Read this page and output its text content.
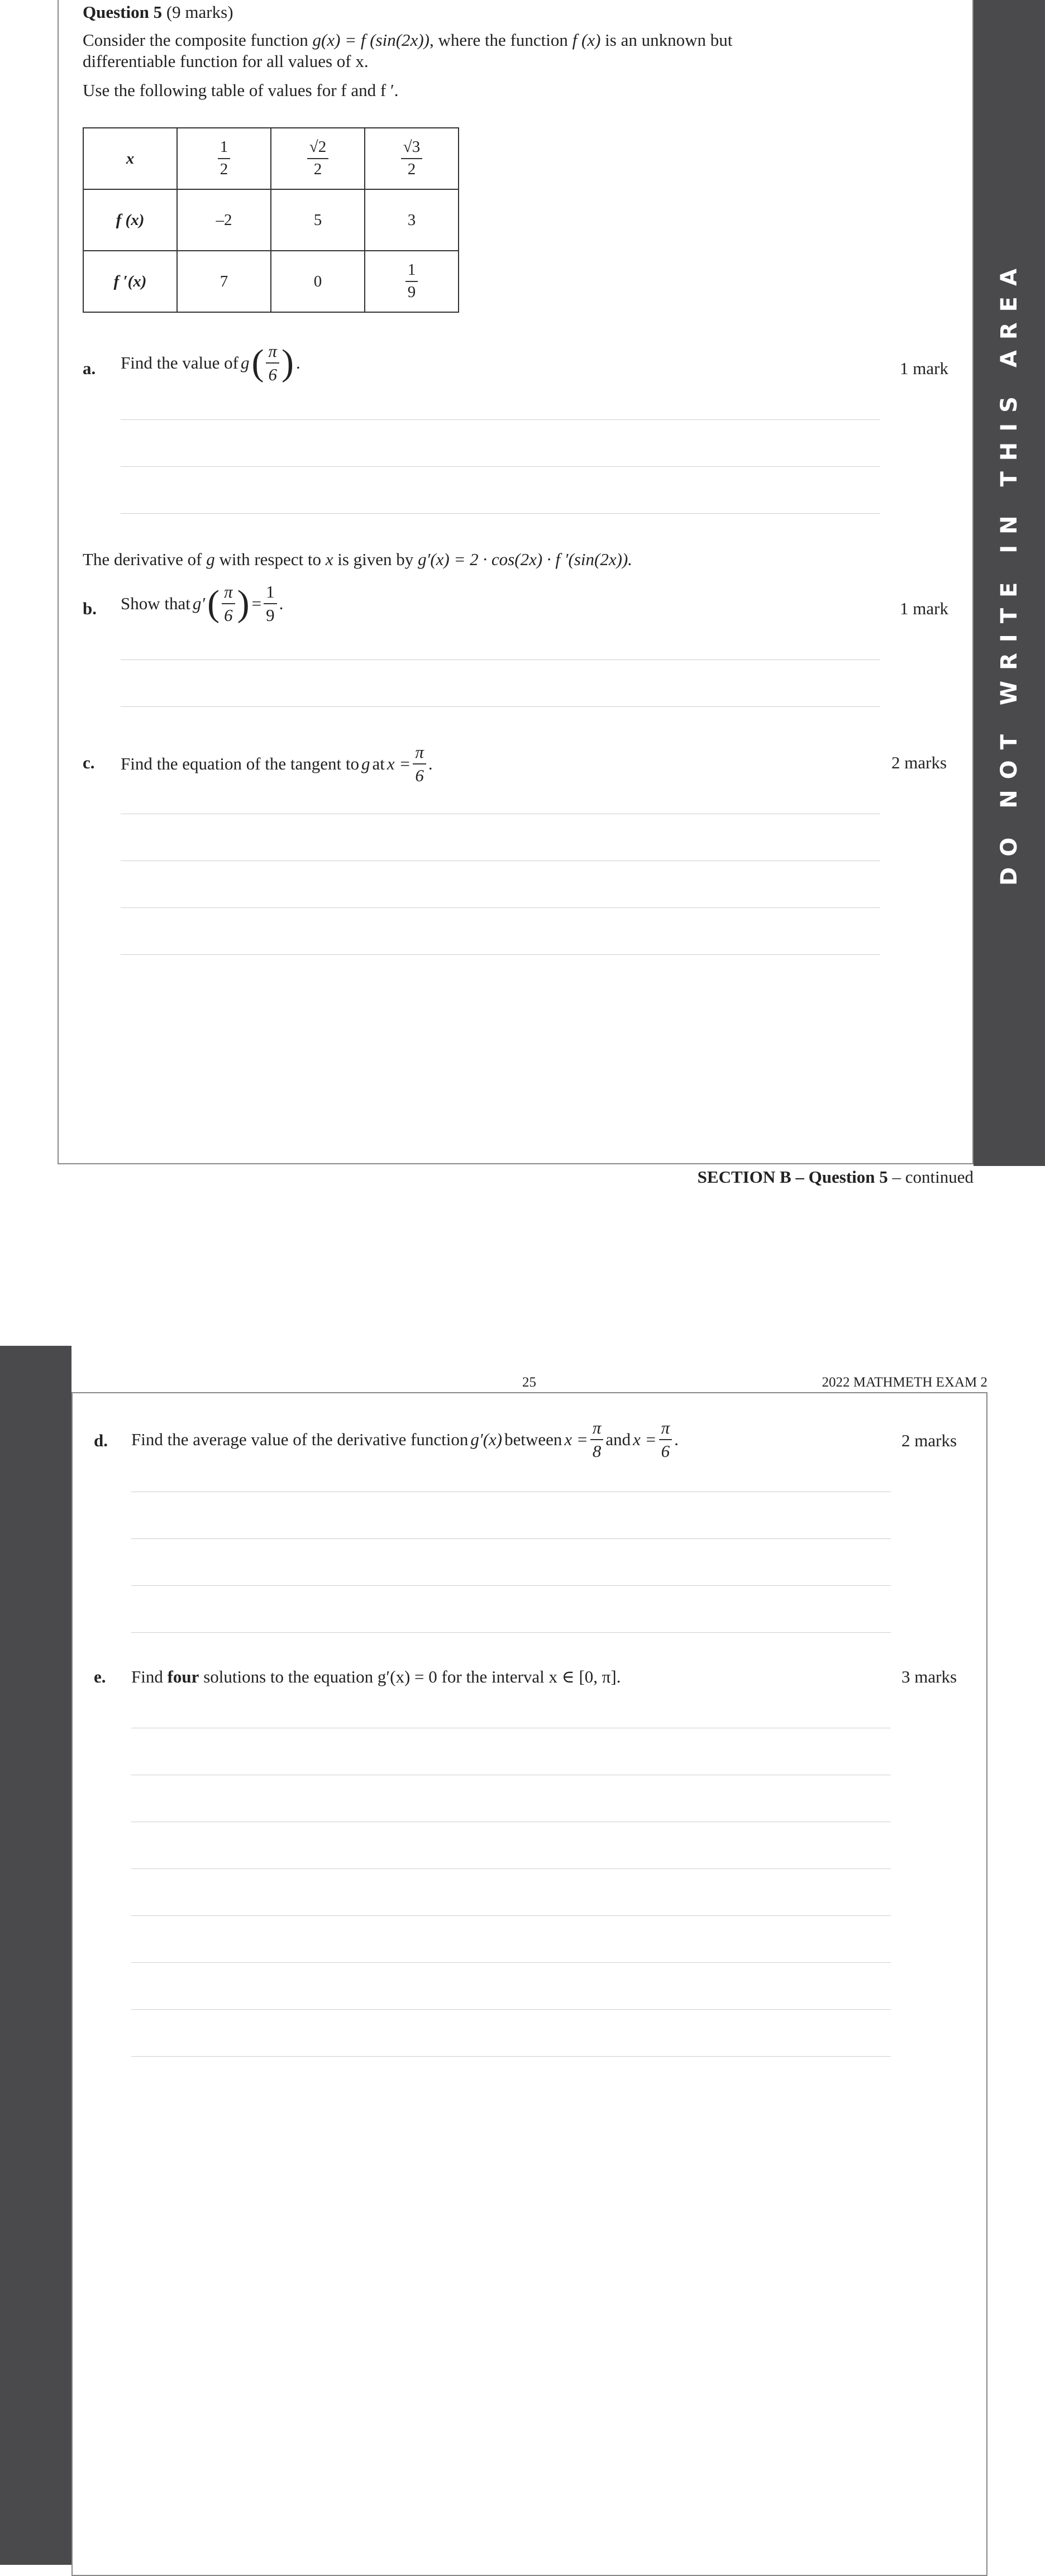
Question 5 (9 marks)
Consider the composite function g(x) = f (sin(2x)), where the function f (x) is an unknown but
differentiable function for all values of x.
Use the following table of values for f and f ′.
x	$\frac{1}{2}$	$\frac{√2}{2}$	$\frac{√3}{2}$

f (x)	–2	5	3
f ′(x)	7	0	$\frac{1}{9}$
a. Find the value of g ( $\frac{\pi}{6}$ ) .	1 mark
The derivative of g with respect to x is given by g′(x) = 2 · cos(2x) · f ′(sin(2x)).
b. Show that g′ ( $\frac{\pi}{6}$ ) = $\frac{1}{9}$ .	1 mark
c. Find the equation of the tangent to g at $x = \frac{\pi}{6}$ .	2 marks DO NOT WRITE IN THIS AREA
SECTION B – Question 5 – continued
25	2022 MATHMETH EXAM 2
d. Find the average value of the derivative function g′(x) between $x = \frac{\pi}{8}$ and $x = \frac{\pi}{6}$ .	2 marks
e. Find four solutions to the equation g′(x) = 0 for the interval x ∈ [0, π].	3 marks
